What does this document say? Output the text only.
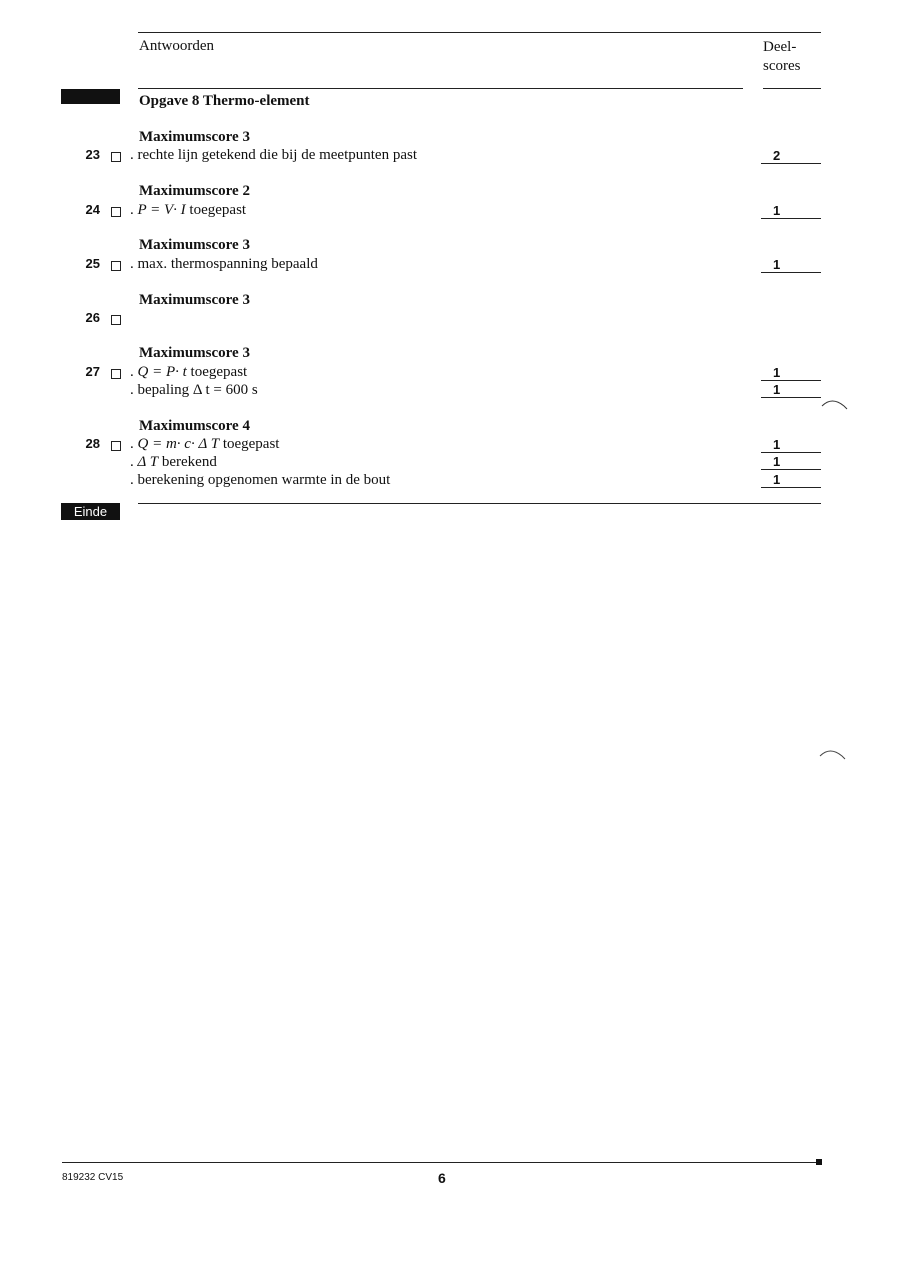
Antwoorden	Deel-
scores
Opgave 8 Thermo-element
Maximumscore 3
23 . rechte lijn getekend die bij de meetpunten past	2
Maximumscore 2
24 . P = V· I toegepast	1
Maximumscore 3
25 . max. thermospanning bepaald	1
Maximumscore 3
26
Maximumscore 3
27 . Q = P· t toegepast	1
. bepaling Δ t = 600 s	1
Maximumscore 4
28 . Q = m· c· Δ T toegepast	1
. Δ T berekend	1
. berekening opgenomen warmte in de bout	1
Einde
819232 CV15	6
